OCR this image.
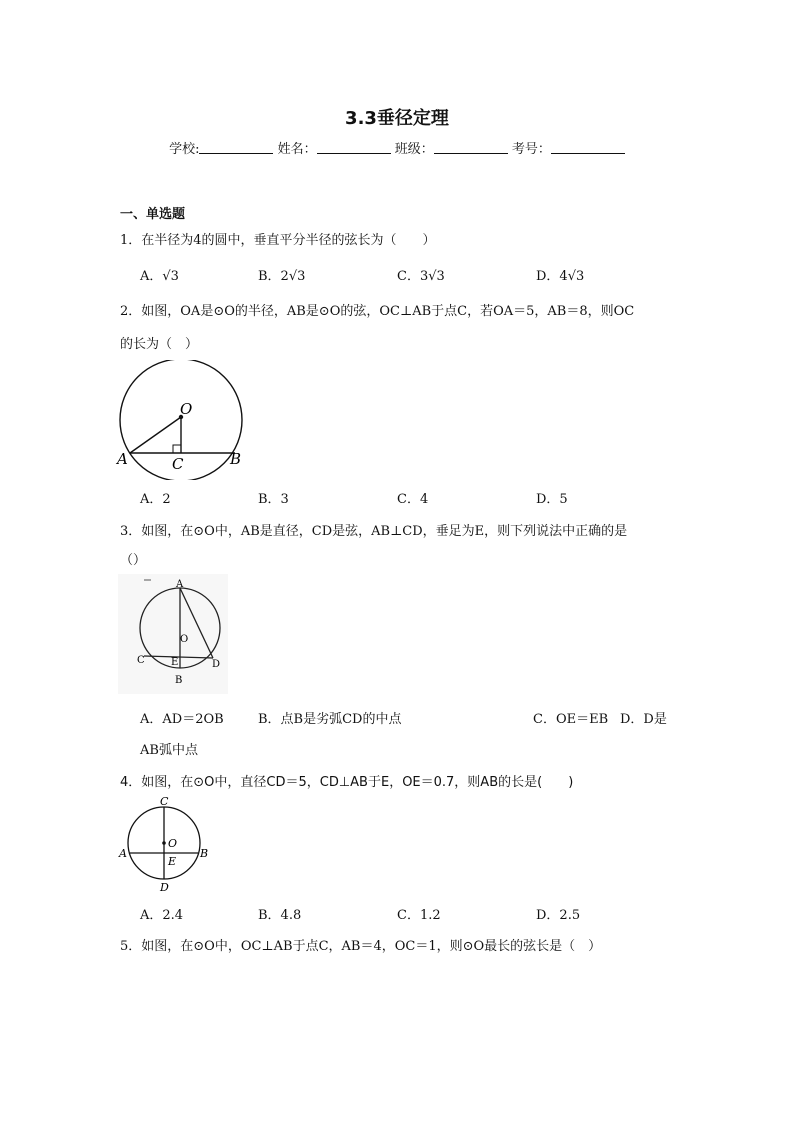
3.3垂径定理
学校:	姓名：	班级：	考号：
一、单选题
1．在半径为4的圆中，垂直平分半径的弦长为（　　）
A．√3	B．2√3	C．3√3	D．4√3
2．如图，OA是⊙O的半径，AB是⊙O的弦，OC⊥AB于点C，若OA＝5，AB＝8，则OC
的长为（　）
O
A	B
C
A．2	B．3	C．4	D．5
3．如图，在⊙O中，AB是直径，CD是弦，AB⊥CD，垂足为E，则下列说法中正确的是
（）
A
O
C	E	D
B
A．AD＝2OB	B．点B是劣弧CD的中点	C．OE＝EB D．D是
AB弧中点
4．如图，在⊙O中，直径CD＝5，CD⊥AB于E，OE＝0.7，则AB的长是(　　)
C
O
A
E
B
D
A．2.4	B．4.8	C．1.2	D．2.5
5．如图，在⊙O中，OC⊥AB于点C，AB＝4，OC＝1，则⊙O最长的弦长是（　）
